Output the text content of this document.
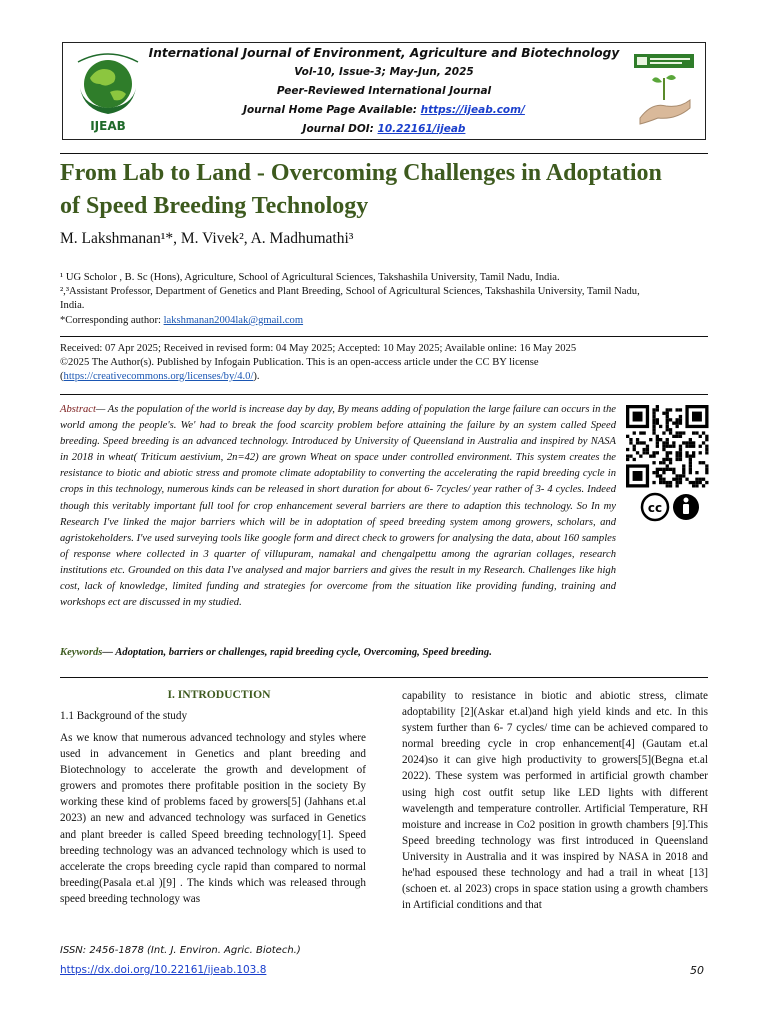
IJEAB
International Journal of Environment, Agriculture and Biotechnology
Vol-10, Issue-3; May-Jun, 2025
Peer-Reviewed International Journal
Journal Home Page Available: https://ijeab.com/
Journal DOI: 10.22161/ijeab
From Lab to Land - Overcoming Challenges in Adoptation
of Speed Breeding Technology
M. Lakshmanan¹*, M. Vivek², A. Madhumathi³
¹ UG Scholor , B. Sc (Hons), Agriculture, School of Agricultural Sciences, Takshashila University, Tamil Nadu, India.
²,³Assistant Professor, Department of Genetics and Plant Breeding, School of Agricultural Sciences, Takshashila University, Tamil Nadu,
India.
*Corresponding author: lakshmanan2004lak@gmail.com
Received: 07 Apr 2025; Received in revised form: 04 May 2025; Accepted: 10 May 2025; Available online: 16 May 2025
©2025 The Author(s). Published by Infogain Publication. This is an open-access article under the CC BY license
(https://creativecommons.org/licenses/by/4.0/).
Abstract— As the population of the world is increase day by day, By means adding of population the large failure can occurs in the world among the people's. We' had to break the food scarcity problem before attaining the failure by an system called Speed breeding. Speed breeding is an advanced technology. Introduced by University of Queensland in Australia and inspired by NASA in 2018 in wheat( Triticum aestivium, 2n=42) are grown Wheat on space under controlled environment. This system creates the resistance to biotic and abiotic stress and promote climate adoptability to converting the accelerating the rapid breeding cycle in crops in this technology, numerous kinds can be released in short duration for about 6- 7cycles/ year rather of 3- 4 cycles. Indeed though this veritably important full tool for crop enhancement several barriers are there to adaption this technology. So In my Research I've linked the major barriers which will be in adoptation of speed breeding system among growers, scholars, and agristokeholders. I've used surveying tools like google form and direct check to growers for analysing the data, about 160 samples of response where collected in 3 quarter of villupuram, namakal and chengalpettu among the agrarian collages, research institutions etc. Grounded on this data I've analysed and major barriers and gives the result in my Research. Challenges like high cost, lack of knowledge, limited funding and strategies for overcome from the situation like providing funding, training and workshops ect are discussed in my studied.
cc
Keywords— Adoptation, barriers or challenges, rapid breeding cycle, Overcoming, Speed breeding.
I. INTRODUCTION
1.1 Background of the study
As we know that numerous advanced technology and styles where used in advancement in Genetics and plant breeding and Biotechnology to accelerate the growth and development of growers and promotes there profitable position in the society By working these kind of problems faced by growers[5] (Jahhans et.al 2023) an new and advanced technology was surfaced in Genetics and plant breeder is called Speed breeding technology[1]. Speed breeding technology was an advanced technology which is used to accelerate the crops breeding cycle rapid than compared to normal breeding(Pasala et.al )[9] . The kinds which was released through speed breeding technology was
capability to resistance in biotic and abiotic stress, climate adoptability [2](Askar et.al)and high yield kinds and etc. In this system further than 6- 7 cycles/ time can be achieved compared to normal breeding cycle in crop enhancement[4] (Gautam et.al 2024)so it can give high productivity to growers[5](Begna et.al 2022). These system was performed in artificial growth chamber using high cost outfit setup like LED lights with different wavelength and temperature controller. Artificial Temperature, RH moisture and increase in Co2 position in growth chambers [9].This Speed breeding technology was first introduced in Queensland University in Australia and it was inspired by NASA in 2018 and he'had espoused these technology and had a trail in wheat [13](schoen et. al 2023) crops in space station using a growth chambers in Artificial conditions and that
ISSN: 2456-1878 (Int. J. Environ. Agric. Biotech.)
https://dx.doi.org/10.22161/ijeab.103.8	50
